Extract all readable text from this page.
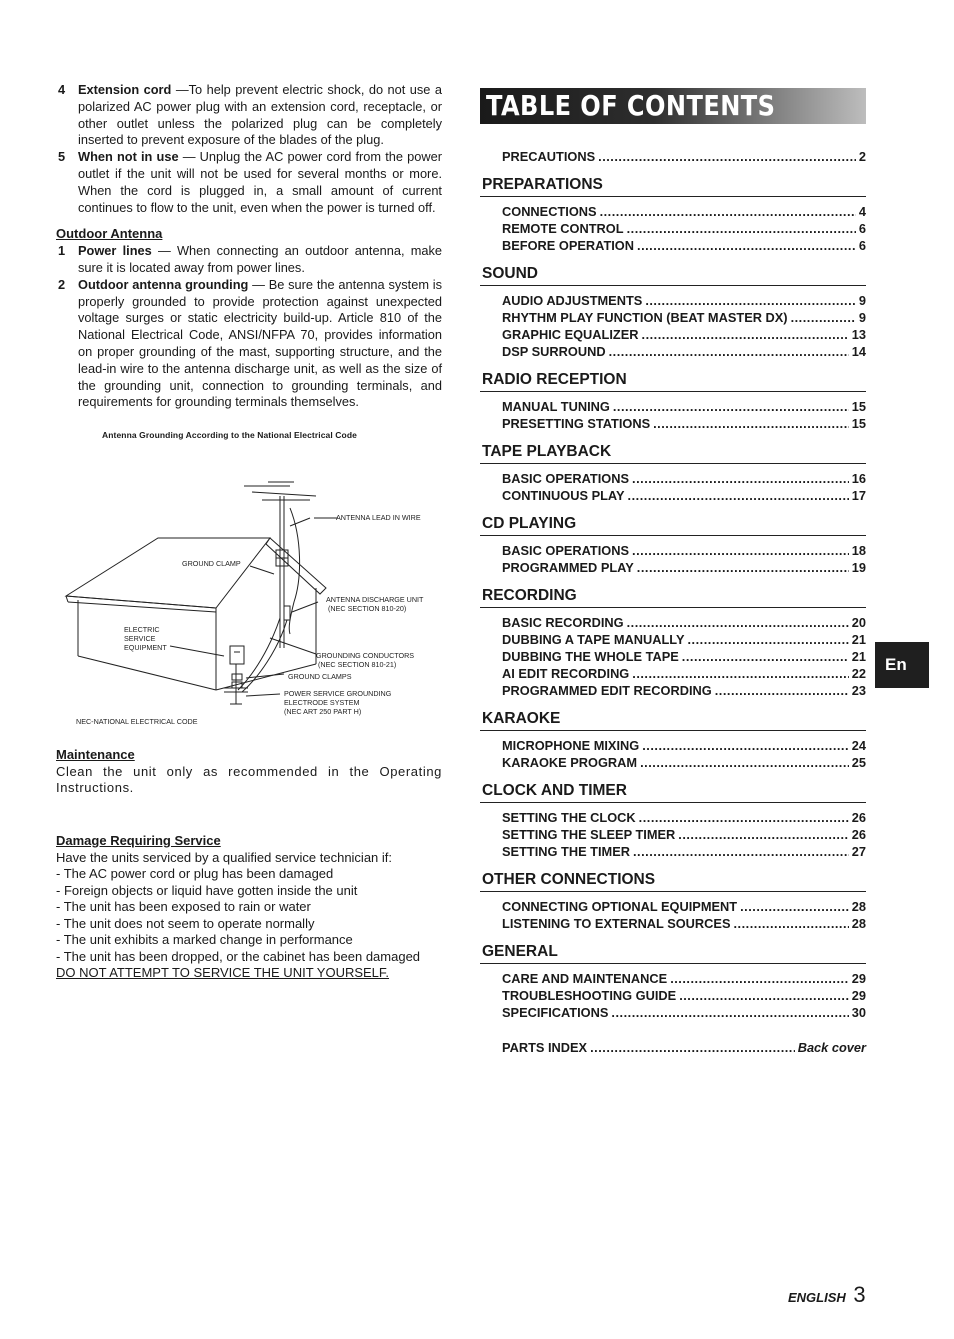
4	Extension cord —To help prevent electric shock, do not use a polarized AC power plug with an extension cord, receptacle, or other outlet unless the polarized plug can be completely inserted to prevent exposure of the blades of the plug.
5	When not in use — Unplug the AC power cord from the power outlet if the unit will not be used for several months or more. When the cord is plugged in, a small amount of current continues to flow to the unit, even when the power is turned off.
Outdoor Antenna
1	Power lines — When connecting an outdoor antenna, make sure it is located away from power lines.
2	Outdoor antenna grounding — Be sure the antenna system is properly grounded to provide protection against unexpected voltage surges or static electricity build-up. Article 810 of the National Electrical Code, ANSI/NFPA 70, provides information on proper grounding of the mast, supporting structure, and the lead-in wire to the antenna discharge unit, as well as the size of the grounding unit, connection to grounding terminals, and requirements for grounding terminals themselves.
Antenna Grounding According to the National Electrical Code
ANTENNA LEAD IN WIRE
GROUND CLAMP
ANTENNA DISCHARGE UNIT
(NEC SECTION 810-20)
ELECTRIC
SERVICE
EQUIPMENT
GROUNDING CONDUCTORS
(NEC SECTION 810-21)
GROUND CLAMPS
POWER SERVICE GROUNDING
ELECTRODE SYSTEM
(NEC ART 250 PART H)
NEC-NATIONAL ELECTRICAL CODE
Maintenance
Clean the unit only as recommended in the Operating Instructions.
Damage Requiring Service
Have the units serviced by a qualified service technician if:
- The AC power cord or plug has been damaged
- Foreign objects or liquid have gotten inside the unit
- The unit has been exposed to rain or water
- The unit does not seem to operate normally
- The unit exhibits a marked change in performance
- The unit has been dropped, or the cabinet has been damaged
DO NOT ATTEMPT TO SERVICE THE UNIT YOURSELF.
TABLE OF CONTENTS
PRECAUTIONS .....	2
PREPARATIONS
CONNECTIONS .....	4
REMOTE CONTROL .....	6
BEFORE OPERATION .....	6
SOUND
AUDIO ADJUSTMENTS .....	9
RHYTHM PLAY FUNCTION (BEAT MASTER DX) .....	9
GRAPHIC EQUALIZER .....	13
DSP SURROUND .....	14
RADIO RECEPTION
MANUAL TUNING .....	15
PRESETTING STATIONS .....	15
TAPE PLAYBACK
BASIC OPERATIONS .....	16
CONTINUOUS PLAY .....	17
CD PLAYING
BASIC OPERATIONS .....	18
PROGRAMMED PLAY .....	19
RECORDING
BASIC RECORDING .....	20
DUBBING A TAPE MANUALLY .....	21
DUBBING THE WHOLE TAPE .....	21
AI EDIT RECORDING .....	22
PROGRAMMED EDIT RECORDING .....	23
KARAOKE
MICROPHONE MIXING .....	24
KARAOKE PROGRAM .....	25
CLOCK AND TIMER
SETTING THE CLOCK .....	26
SETTING THE SLEEP TIMER .....	26
SETTING THE TIMER .....	27
OTHER CONNECTIONS
CONNECTING OPTIONAL EQUIPMENT .....	28
LISTENING TO EXTERNAL SOURCES .....	28
GENERAL
CARE AND MAINTENANCE .....	29
TROUBLESHOOTING GUIDE .....	29
SPECIFICATIONS .....	30
PARTS INDEX .....	Back cover
En
ENGLISH 3
